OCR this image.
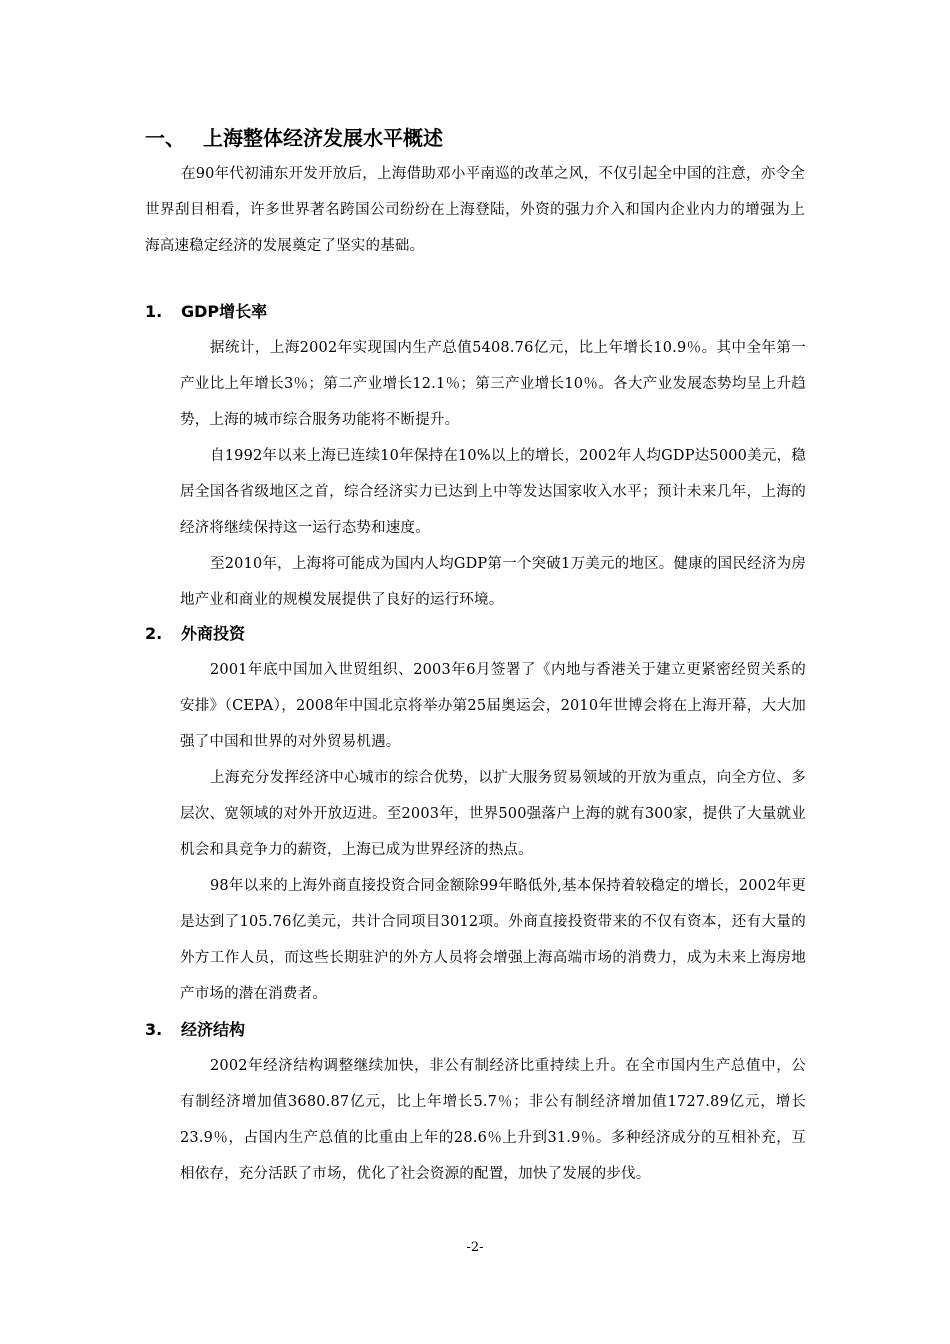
一、 上海整体经济发展水平概述

在90年代初浦东开发开放后，上海借助邓小平南巡的改革之风，不仅引起全中国的注意，亦令全世界刮目相看，许多世界著名跨国公司纷纷在上海登陆，外资的强力介入和国内企业内力的增强为上海高速稳定经济的发展奠定了坚实的基础。

1. GDP增长率

据统计，上海2002年实现国内生产总值5408.76亿元，比上年增长10.9％。其中全年第一产业比上年增长3％；第二产业增长12.1％；第三产业增长10％。各大产业发展态势均呈上升趋势，上海的城市综合服务功能将不断提升。

自1992年以来上海已连续10年保持在10%以上的增长，2002年人均GDP达5000美元，稳居全国各省级地区之首，综合经济实力已达到上中等发达国家收入水平；预计未来几年，上海的经济将继续保持这一运行态势和速度。

至2010年，上海将可能成为国内人均GDP第一个突破1万美元的地区。健康的国民经济为房地产业和商业的规模发展提供了良好的运行环境。

2. 外商投资

2001年底中国加入世贸组织、2003年6月签署了《内地与香港关于建立更紧密经贸关系的安排》（CEPA），2008年中国北京将举办第25届奥运会，2010年世博会将在上海开幕，大大加强了中国和世界的对外贸易机遇。

上海充分发挥经济中心城市的综合优势，以扩大服务贸易领域的开放为重点，向全方位、多层次、宽领域的对外开放迈进。至2003年，世界500强落户上海的就有300家，提供了大量就业机会和具竞争力的薪资，上海已成为世界经济的热点。

98年以来的上海外商直接投资合同金额除99年略低外,基本保持着较稳定的增长，2002年更是达到了105.76亿美元，共计合同项目3012项。外商直接投资带来的不仅有资本，还有大量的外方工作人员，而这些长期驻沪的外方人员将会增强上海高端市场的消费力，成为未来上海房地产市场的潜在消费者。

3. 经济结构

2002年经济结构调整继续加快，非公有制经济比重持续上升。在全市国内生产总值中，公有制经济增加值3680.87亿元，比上年增长5.7％；非公有制经济增加值1727.89亿元，增长23.9％，占国内生产总值的比重由上年的28.6％上升到31.9％。多种经济成分的互相补充，互相依存，充分活跃了市场，优化了社会资源的配置，加快了发展的步伐。

-2-
